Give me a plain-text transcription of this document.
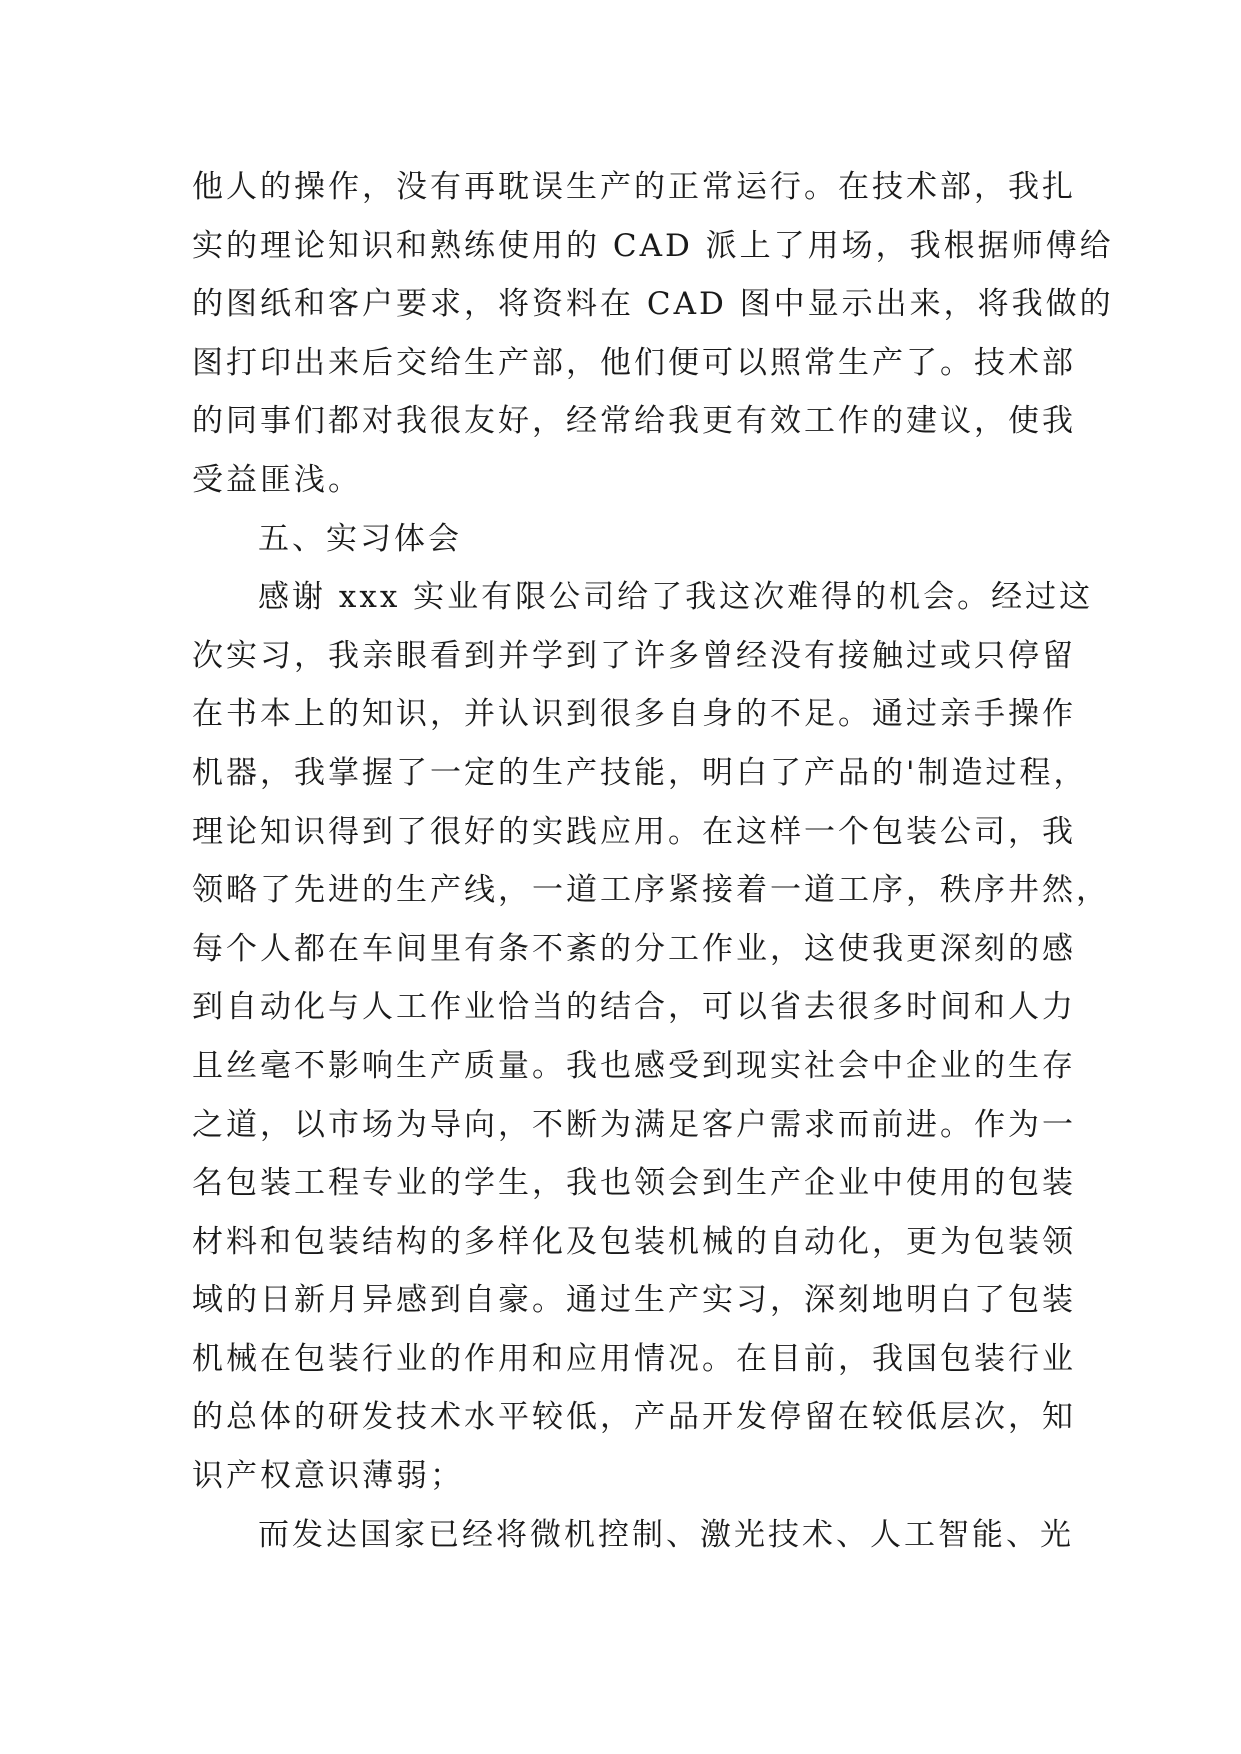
他人的操作，没有再耽误生产的正常运行。在技术部，我扎
实的理论知识和熟练使用的 CAD 派上了用场，我根据师傅给
的图纸和客户要求，将资料在 CAD 图中显示出来，将我做的
图打印出来后交给生产部，他们便可以照常生产了。技术部
的同事们都对我很友好，经常给我更有效工作的建议，使我
受益匪浅。
五、实习体会
感谢 xxx 实业有限公司给了我这次难得的机会。经过这
次实习，我亲眼看到并学到了许多曾经没有接触过或只停留
在书本上的知识，并认识到很多自身的不足。通过亲手操作
机器，我掌握了一定的生产技能，明白了产品的'制造过程，
理论知识得到了很好的实践应用。在这样一个包装公司，我
领略了先进的生产线，一道工序紧接着一道工序，秩序井然，
每个人都在车间里有条不紊的分工作业，这使我更深刻的感
到自动化与人工作业恰当的结合，可以省去很多时间和人力
且丝毫不影响生产质量。我也感受到现实社会中企业的生存
之道，以市场为导向，不断为满足客户需求而前进。作为一
名包装工程专业的学生，我也领会到生产企业中使用的包装
材料和包装结构的多样化及包装机械的自动化，更为包装领
域的日新月异感到自豪。通过生产实习，深刻地明白了包装
机械在包装行业的作用和应用情况。在目前，我国包装行业
的总体的研发技术水平较低，产品开发停留在较低层次，知
识产权意识薄弱；
而发达国家已经将微机控制、激光技术、人工智能、光
